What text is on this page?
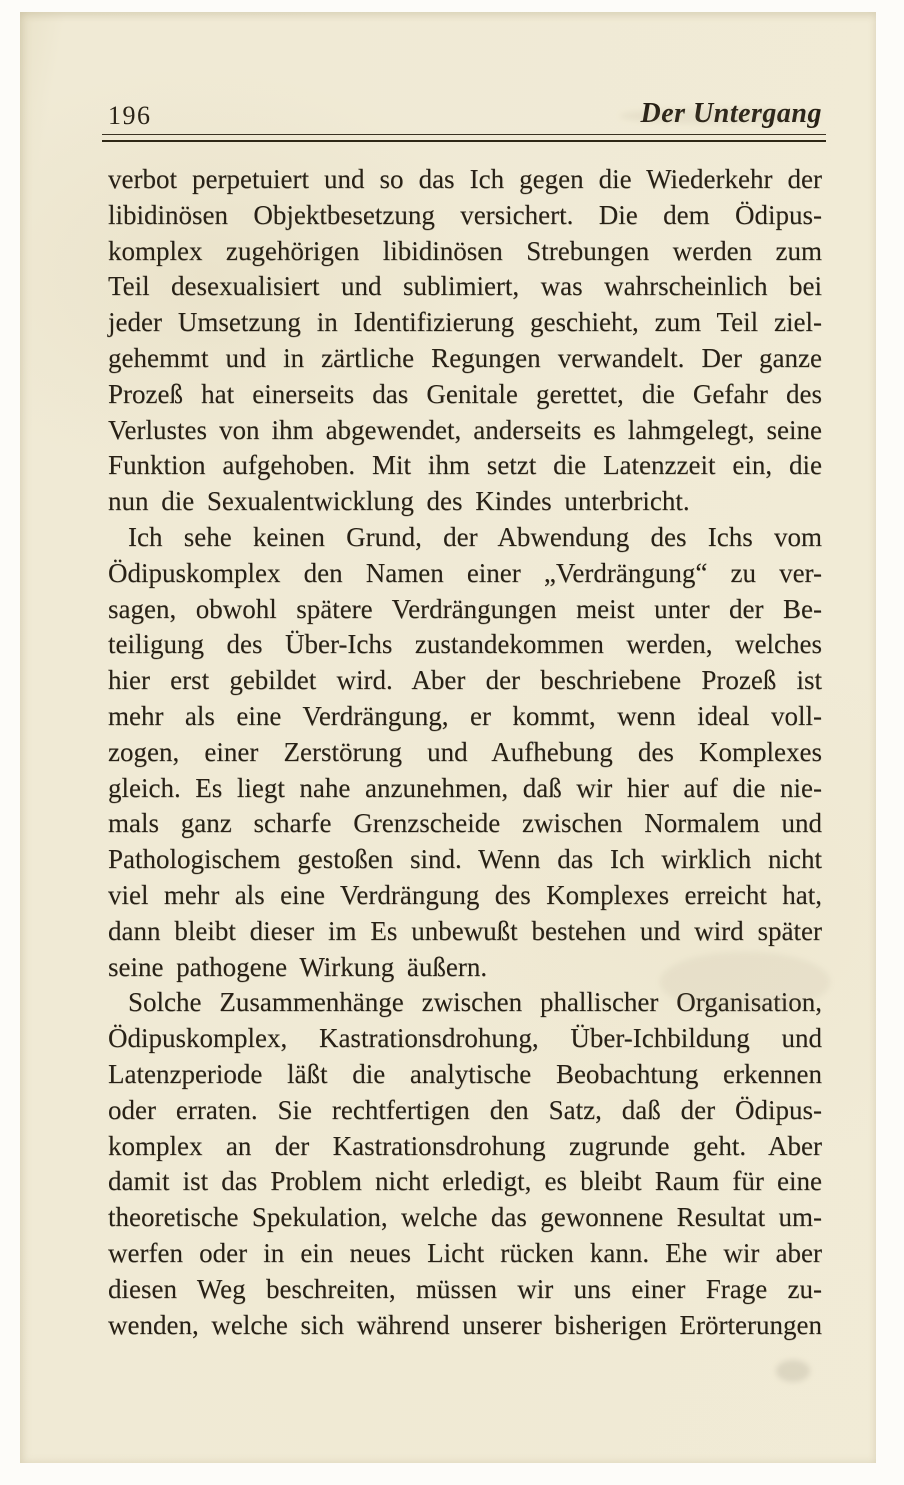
196	Der Untergang
verbot perpetuiert und so das Ich gegen die Wiederkehr der
libidinösen Objektbesetzung versichert. Die dem Ödipus-
komplex zugehörigen libidinösen Strebungen werden zum
Teil desexualisiert und sublimiert, was wahrscheinlich bei
jeder Umsetzung in Identifizierung geschieht, zum Teil ziel-
gehemmt und in zärtliche Regungen verwandelt. Der ganze
Prozeß hat einerseits das Genitale gerettet, die Gefahr des
Verlustes von ihm abgewendet, anderseits es lahmgelegt, seine
Funktion aufgehoben. Mit ihm setzt die Latenzzeit ein, die
nun die Sexualentwicklung des Kindes unterbricht.
Ich sehe keinen Grund, der Abwendung des Ichs vom
Ödipuskomplex den Namen einer „Verdrängung“ zu ver-
sagen, obwohl spätere Verdrängungen meist unter der Be-
teiligung des Über-Ichs zustandekommen werden, welches
hier erst gebildet wird. Aber der beschriebene Prozeß ist
mehr als eine Verdrängung, er kommt, wenn ideal voll-
zogen, einer Zerstörung und Aufhebung des Komplexes
gleich. Es liegt nahe anzunehmen, daß wir hier auf die nie-
mals ganz scharfe Grenzscheide zwischen Normalem und
Pathologischem gestoßen sind. Wenn das Ich wirklich nicht
viel mehr als eine Verdrängung des Komplexes erreicht hat,
dann bleibt dieser im Es unbewußt bestehen und wird später
seine pathogene Wirkung äußern.
Solche Zusammenhänge zwischen phallischer Organisation,
Ödipuskomplex, Kastrationsdrohung, Über-Ichbildung und
Latenzperiode läßt die analytische Beobachtung erkennen
oder erraten. Sie rechtfertigen den Satz, daß der Ödipus-
komplex an der Kastrationsdrohung zugrunde geht. Aber
damit ist das Problem nicht erledigt, es bleibt Raum für eine
theoretische Spekulation, welche das gewonnene Resultat um-
werfen oder in ein neues Licht rücken kann. Ehe wir aber
diesen Weg beschreiten, müssen wir uns einer Frage zu-
wenden, welche sich während unserer bisherigen Erörterungen
